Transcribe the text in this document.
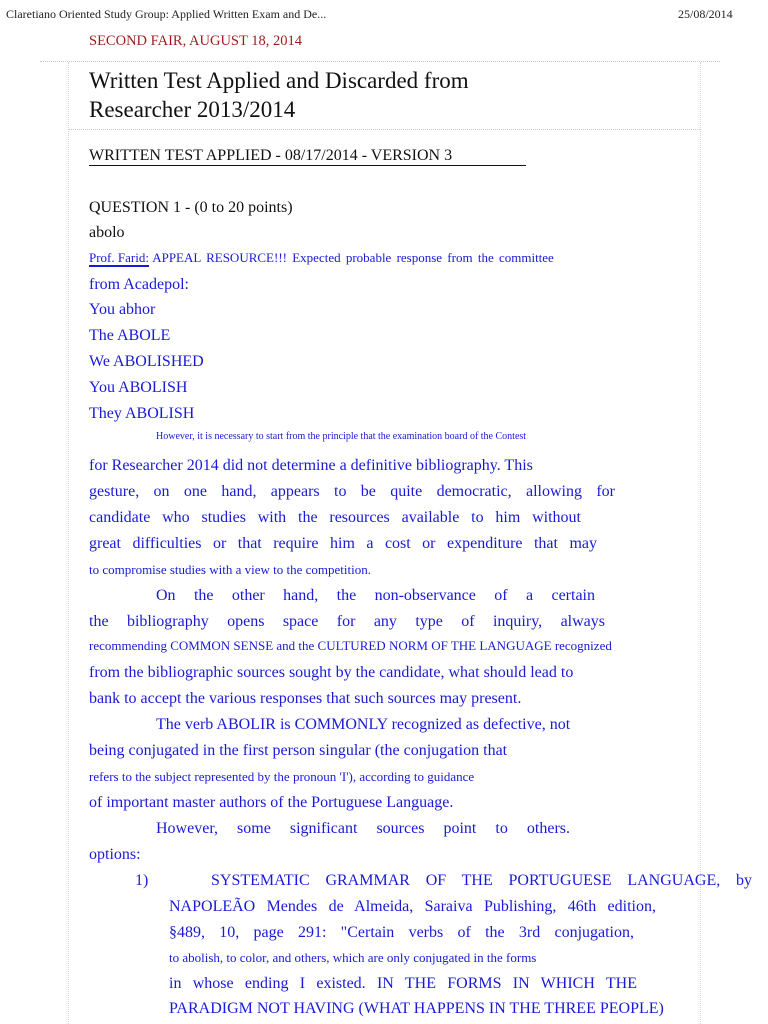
Claretiano Oriented Study Group: Applied Written Exam and De...	25/08/2014
SECOND FAIR, AUGUST 18, 2014
Written Test Applied and Discarded from
Researcher 2013/2014
WRITTEN TEST APPLIED - 08/17/2014 - VERSION 3
QUESTION 1 - (0 to 20 points)
abolo
Prof. Farid: APPEAL RESOURCE!!! Expected probable response from the committee
from Acadepol:
You abhor
The ABOLE
We ABOLISHED
You ABOLISH
They ABOLISH
However, it is necessary to start from the principle that the examination board of the Contest
for Researcher 2014 did not determine a definitive bibliography. This
gesture, on one hand, appears to be quite democratic, allowing for
candidate who studies with the resources available to him without
great difficulties or that require him a cost or expenditure that may
to compromise studies with a view to the competition.
On the other hand, the non-observance of a certain
the bibliography opens space for any type of inquiry, always
recommending COMMON SENSE and the CULTURED NORM OF THE LANGUAGE recognized
from the bibliographic sources sought by the candidate, what should lead to
bank to accept the various responses that such sources may present.
The verb ABOLIR is COMMONLY recognized as defective, not
being conjugated in the first person singular (the conjugation that
refers to the subject represented by the pronoun 'I'), according to guidance
of important master authors of the Portuguese Language.
However, some significant sources point to others.
options:
1)	SYSTEMATIC GRAMMAR OF THE PORTUGUESE LANGUAGE, by
NAPOLEÃO Mendes de Almeida, Saraiva Publishing, 46th edition,
§489, 10, page 291: "Certain verbs of the 3rd conjugation,
to abolish, to color, and others, which are only conjugated in the forms
in whose ending I existed. IN THE FORMS IN WHICH THE
PARADIGM NOT HAVING (WHAT HAPPENS IN THE THREE PEOPLE)
